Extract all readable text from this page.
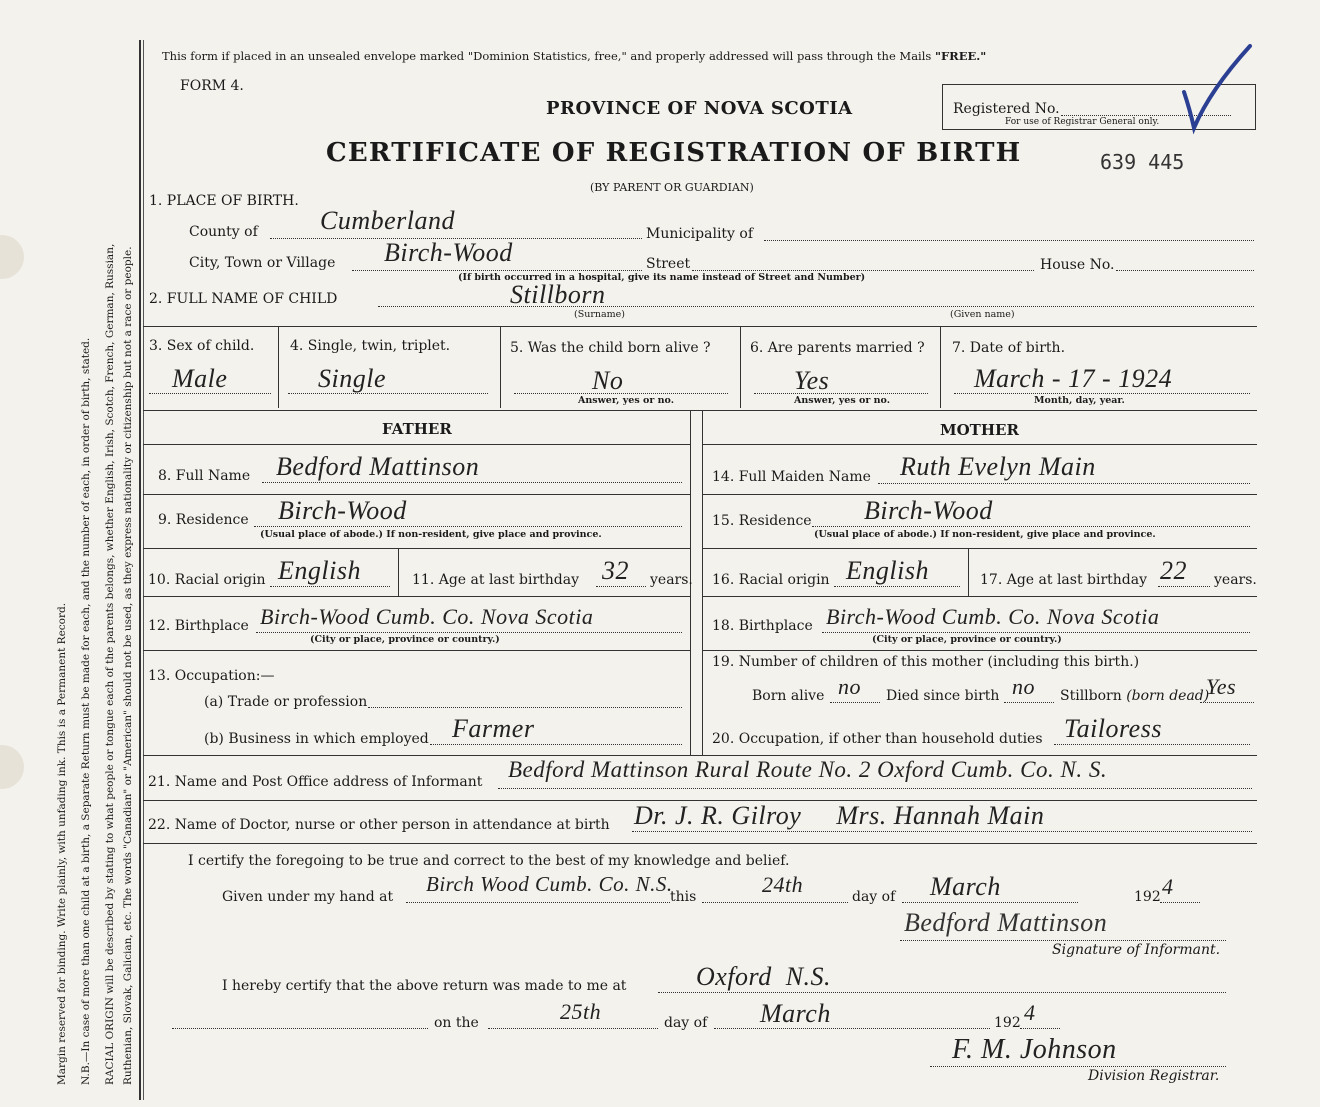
Margin reserved for binding. Write plainly, with unfading ink. This is a Permanent Record. N.B.—In case of more than one child at a birth, a Separate Return must be made for each, and the number of each, in order of birth, stated. RACIAL ORIGIN will be described by stating to what people or tongue each of the parents belongs, whether English, Irish, Scotch, French, German, Russian, Ruthenian, Slovak, Galician, etc. The words "Canadian" or "American" should not be used, as they express nationality or citizenship but not a race or people.
This form if placed in an unsealed envelope marked "Dominion Statistics, free," and properly addressed will pass through the Mails "FREE."
FORM 4.
PROVINCE OF NOVA SCOTIA	Registered No.
For use of Registrar General only.
CERTIFICATE OF REGISTRATION OF BIRTH	639 445
(BY PARENT OR GUARDIAN)
1. PLACE OF BIRTH.
County of Cumberland	Municipality of
City, Town or Village Birch-Wood	Street	House No.
(If birth occurred in a hospital, give its name instead of Street and Number)
2. FULL NAME OF CHILD	Stillborn
(Surname)	(Given name)
3. Sex of child.
Male
4. Single, twin, triplet.
Single
5. Was the child born alive ?
No
Answer, yes or no.
6. Are parents married ?
Yes
Answer, yes or no.
7. Date of birth.
March - 17 - 1924
Month, day, year.
FATHER	MOTHER
8. Full Name Bedford Mattinson
9. Residence Birch-Wood
(Usual place of abode.) If non-resident, give place and province.
10. Racial origin English	11. Age at last birthday 32 years.
12. Birthplace Birch-Wood Cumb. Co. Nova Scotia
(City or place, province or country.)
13. Occupation:—
(a) Trade or profession
(b) Business in which employed Farmer
14. Full Maiden Name Ruth Evelyn Main
15. Residence Birch-Wood
(Usual place of abode.) If non-resident, give place and province.
16. Racial origin English	17. Age at last birthday 22 years.
18. Birthplace Birch-Wood Cumb. Co. Nova Scotia
(City or place, province or country.)
19. Number of children of this mother (including this birth.)
Born alive no Died since birth no Stillborn (born dead)
Yes
20. Occupation, if other than household duties Tailoress
21. Name and Post Office address of Informant Bedford Mattinson Rural Route No. 2 Oxford Cumb. Co. N. S.
22. Name of Doctor, nurse or other person in attendance at birth Dr. J. R. Gilroy     Mrs. Hannah Main
I certify the foregoing to be true and correct to the best of my knowledge and belief.
Given under my hand at
Birch Wood Cumb. Co. N.S.
this	24th	day of March	192 4
Bedford Mattinson
Signature of Informant.
I hereby certify that the above return was made to me at	Oxford  N.S.
on the	25th	day of March	192 4
F. M. Johnson
Division Registrar.
